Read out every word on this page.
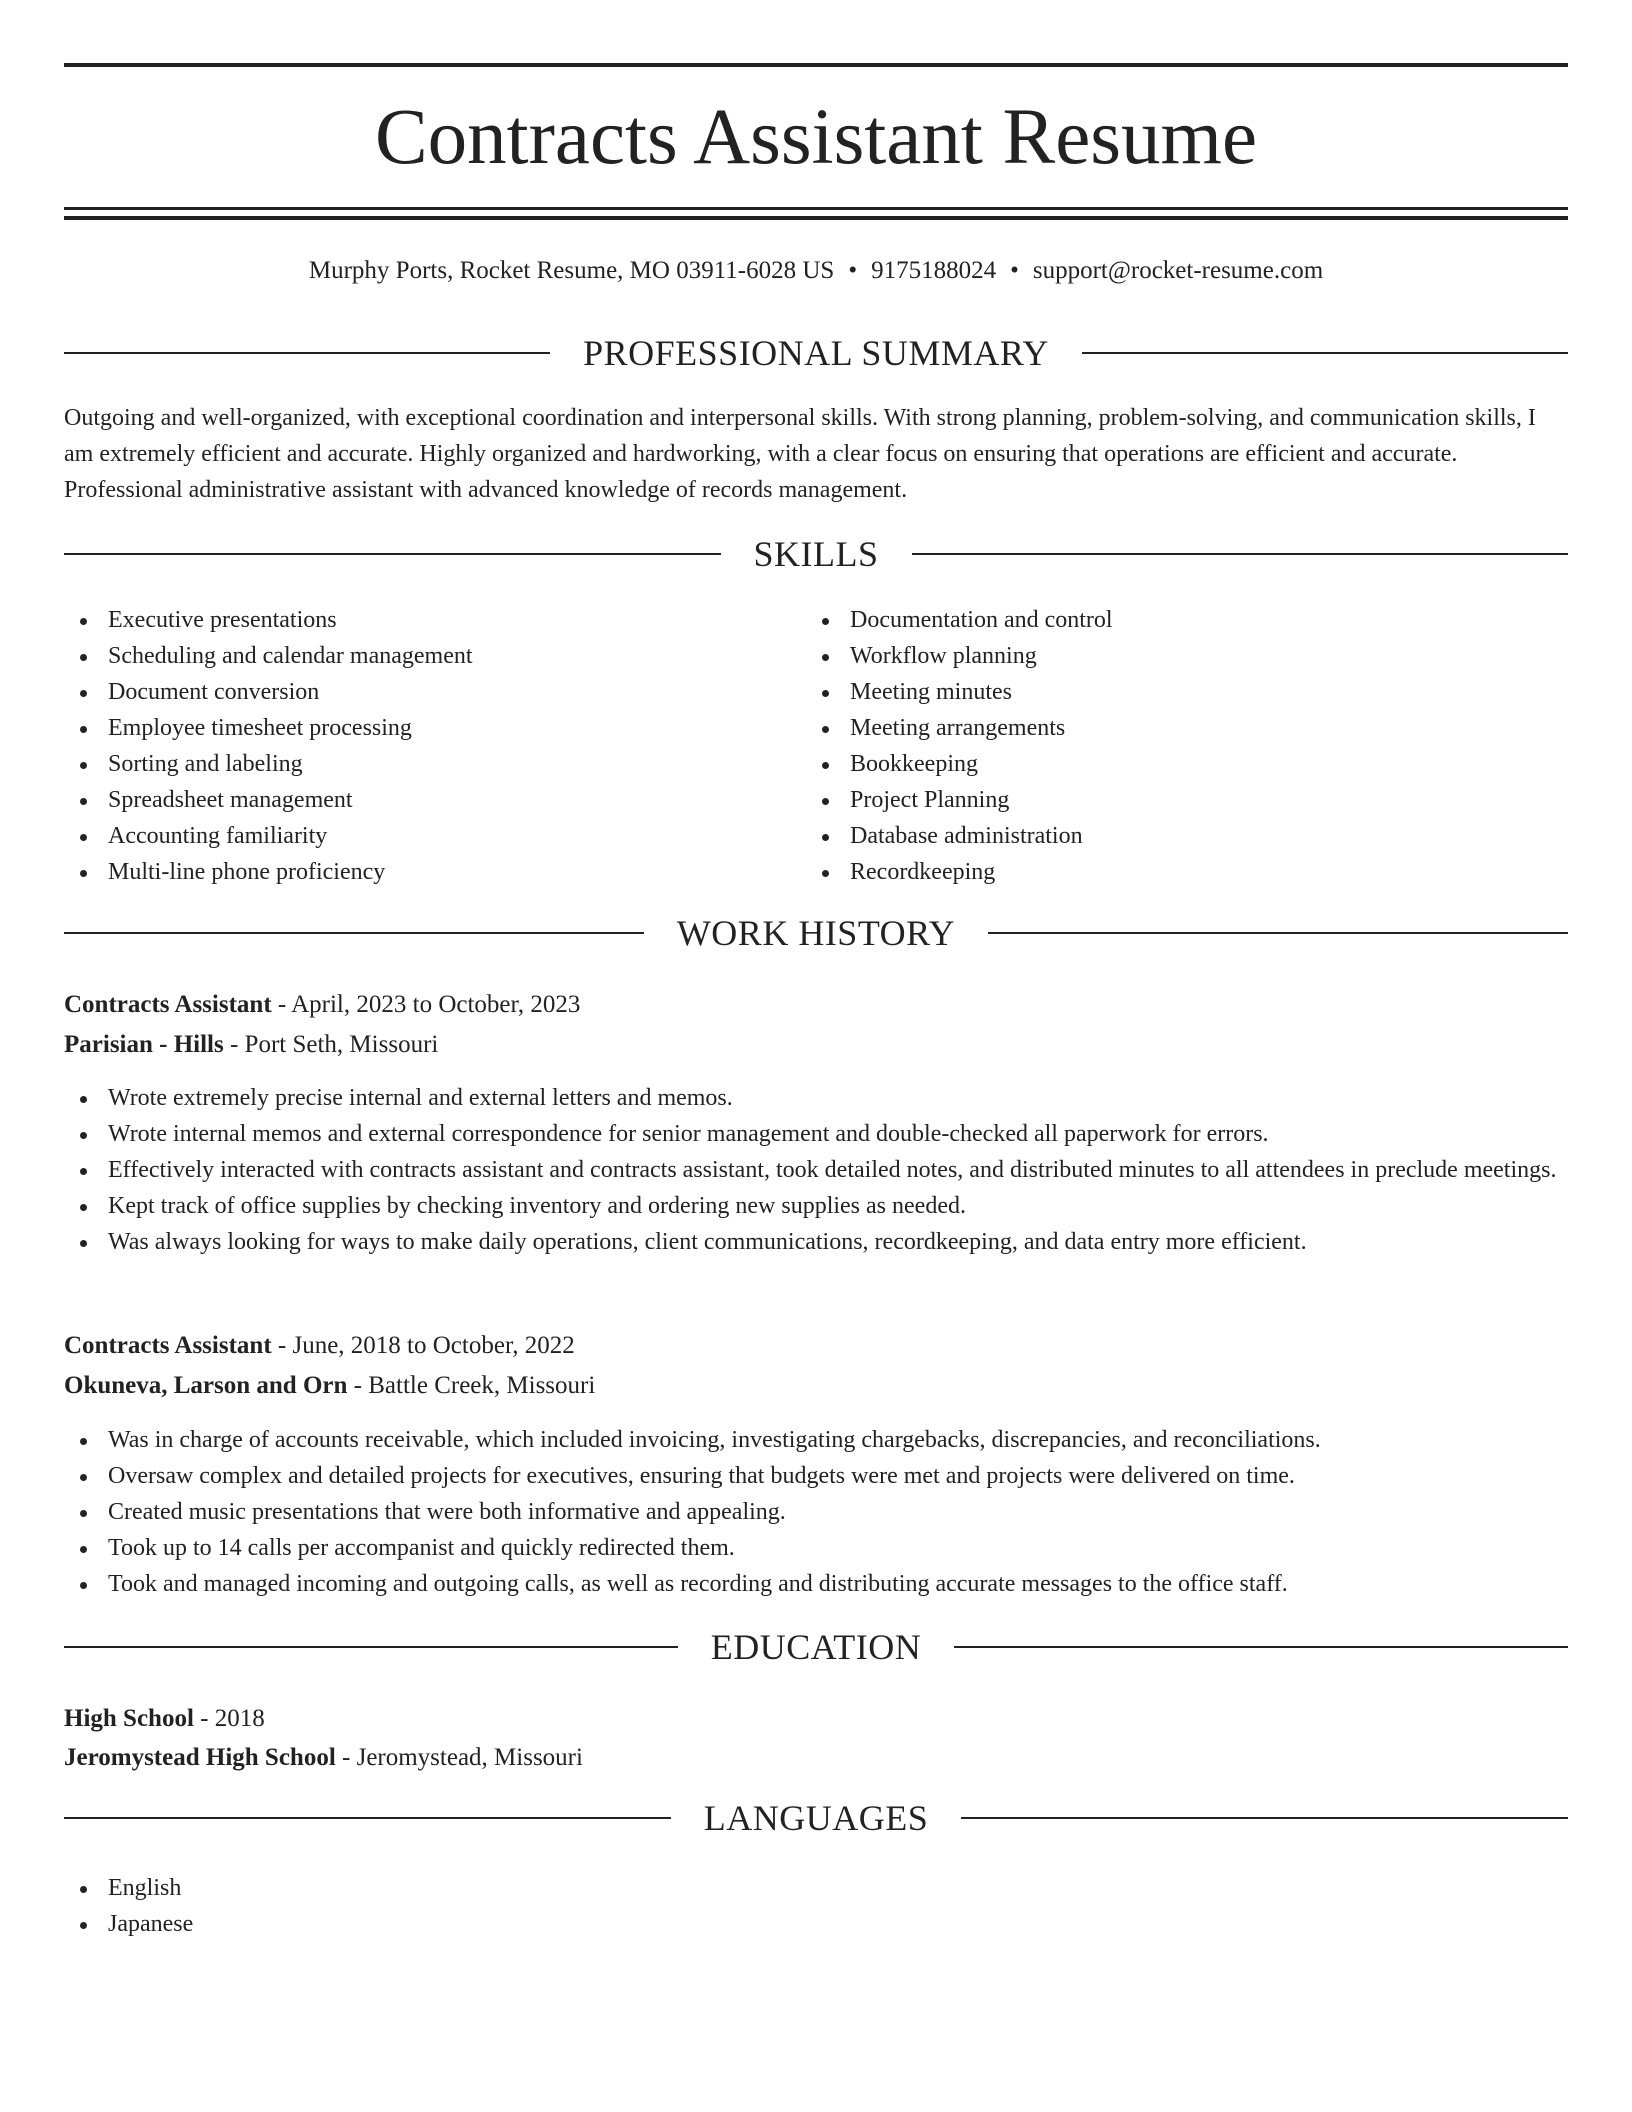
Contracts Assistant Resume
Murphy Ports, Rocket Resume, MO 03911-6028 US • 9175188024 • support@rocket-resume.com
PROFESSIONAL SUMMARY

Outgoing and well-organized, with exceptional coordination and interpersonal skills. With strong planning, problem-solving, and communication skills, I am extremely efficient and accurate. Highly organized and hardworking, with a clear focus on ensuring that operations are efficient and accurate. Professional administrative assistant with advanced knowledge of records management.

SKILLS
Executive presentations
Scheduling and calendar management
Document conversion
Employee timesheet processing
Sorting and labeling
Spreadsheet management
Accounting familiarity
Multi-line phone proficiency
Documentation and control
Workflow planning
Meeting minutes
Meeting arrangements
Bookkeeping
Project Planning
Database administration
Recordkeeping
WORK HISTORY
Contracts Assistant - April, 2023 to October, 2023
Parisian - Hills - Port Seth, Missouri
Wrote extremely precise internal and external letters and memos.
Wrote internal memos and external correspondence for senior management and double-checked all paperwork for errors.
Effectively interacted with contracts assistant and contracts assistant, took detailed notes, and distributed minutes to all attendees in preclude meetings.
Kept track of office supplies by checking inventory and ordering new supplies as needed.
Was always looking for ways to make daily operations, client communications, recordkeeping, and data entry more efficient.
Contracts Assistant - June, 2018 to October, 2022
Okuneva, Larson and Orn - Battle Creek, Missouri
Was in charge of accounts receivable, which included invoicing, investigating chargebacks, discrepancies, and reconciliations.
Oversaw complex and detailed projects for executives, ensuring that budgets were met and projects were delivered on time.
Created music presentations that were both informative and appealing.
Took up to 14 calls per accompanist and quickly redirected them.
Took and managed incoming and outgoing calls, as well as recording and distributing accurate messages to the office staff.
EDUCATION
High School - 2018
Jeromystead High School - Jeromystead, Missouri
LANGUAGES
English
Japanese
